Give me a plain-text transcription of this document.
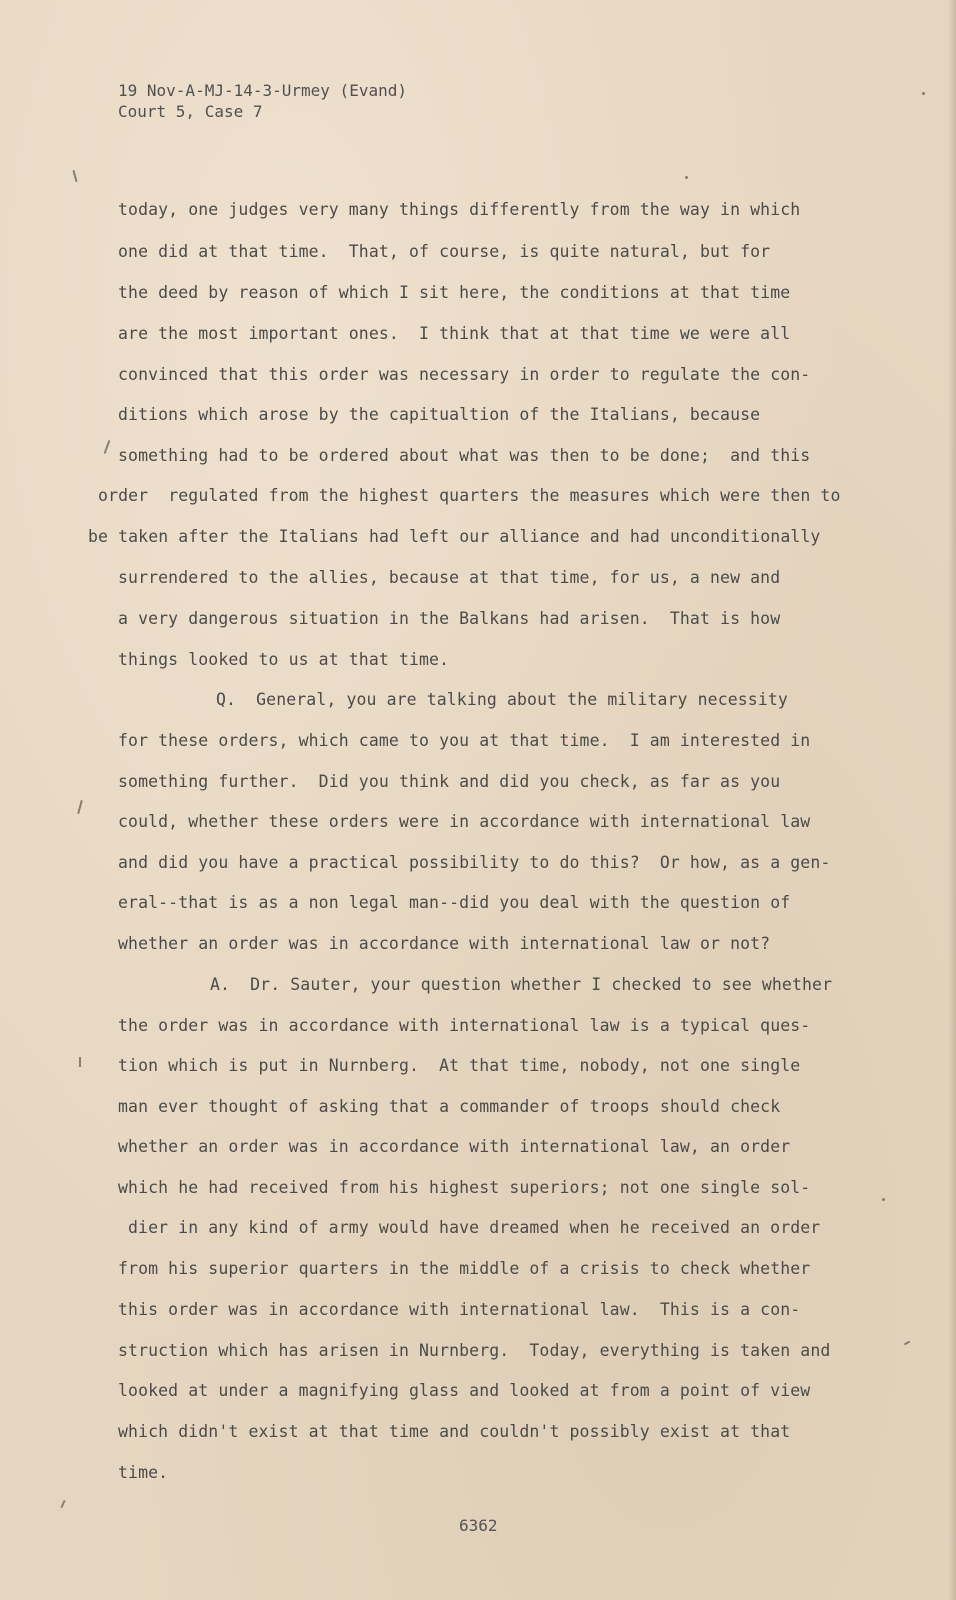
19 Nov-A-MJ-14-3-Urmey (Evand)
Court 5, Case 7
today, one judges very many things differently from the way in which
one did at that time.  That, of course, is quite natural, but for
the deed by reason of which I sit here, the conditions at that time
are the most important ones.  I think that at that time we were all
convinced that this order was necessary in order to regulate the con-
ditions which arose by the capitualtion of the Italians, because
something had to be ordered about what was then to be done;  and this
order  regulated from the highest quarters the measures which were then to
be taken after the Italians had left our alliance and had unconditionally
surrendered to the allies, because at that time, for us, a new and
a very dangerous situation in the Balkans had arisen.  That is how
things looked to us at that time.
Q.  General, you are talking about the military necessity
for these orders, which came to you at that time.  I am interested in
something further.  Did you think and did you check, as far as you
could, whether these orders were in accordance with international law
and did you have a practical possibility to do this?  Or how, as a gen-
eral--that is as a non legal man--did you deal with the question of
whether an order was in accordance with international law or not?
A.  Dr. Sauter, your question whether I checked to see whether
the order was in accordance with international law is a typical ques-
tion which is put in Nurnberg.  At that time, nobody, not one single
man ever thought of asking that a commander of troops should check
whether an order was in accordance with international law, an order
which he had received from his highest superiors; not one single sol-
dier in any kind of army would have dreamed when he received an order
from his superior quarters in the middle of a crisis to check whether
this order was in accordance with international law.  This is a con-
struction which has arisen in Nurnberg.  Today, everything is taken and
looked at under a magnifying glass and looked at from a point of view
which didn't exist at that time and couldn't possibly exist at that
time.
6362
